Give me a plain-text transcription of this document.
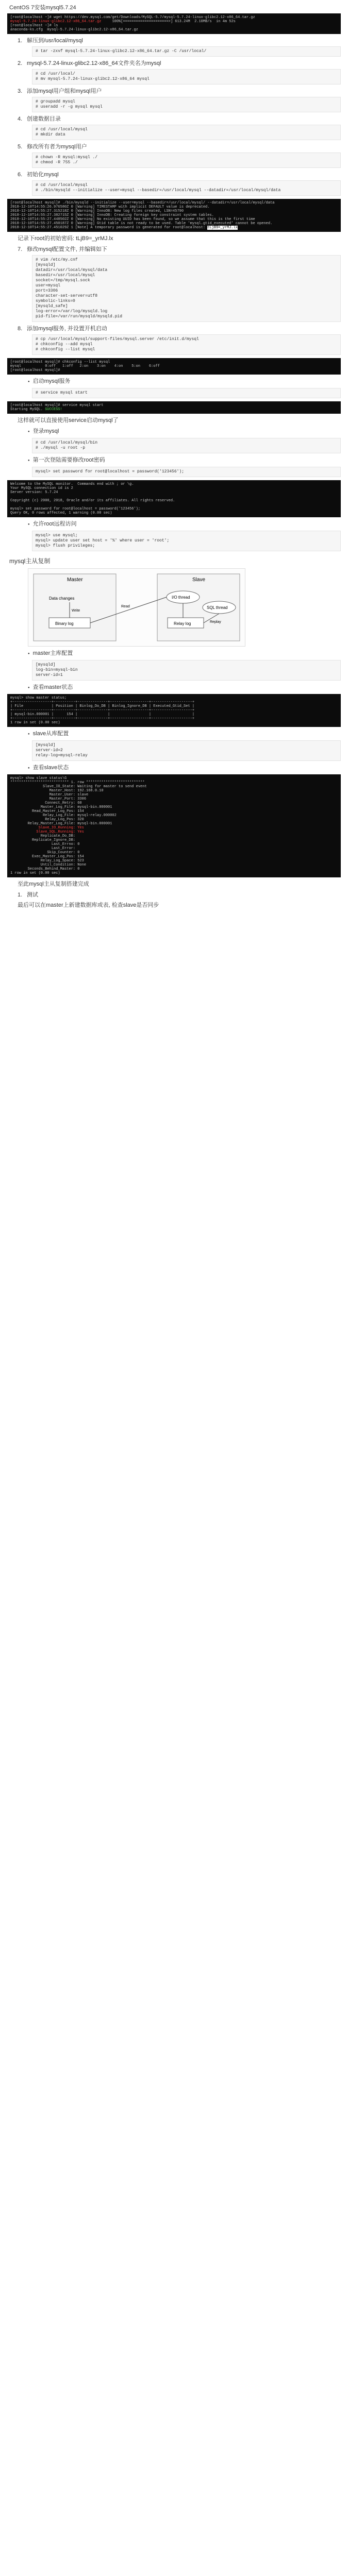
CentOS 7安装mysql5.7.24
[root@localhost ~]# wget https://dev.mysql.com/get/Downloads/MySQL-5.7/mysql-5.7.24-linux-glibc2.12-x86_64.tar.gz
mysql-5.7.24-linux-glibc2.12-x86_64.tar.gz	100%[=====================>] 613.24M  2.10MB/s  in 4m 52s
[root@localhost ~]# ls
anaconda-ks.cfg  mysql-5.7.24-linux-glibc2.12-x86_64.tar.gz
1. 解压到/usr/local/mysql
# tar -zxvf mysql-5.7.24-linux-glibc2.12-x86_64.tar.gz -C /usr/local/
2. mysql-5.7.24-linux-glibc2.12-x86_64文件夹名为mysql
# cd /usr/local/
# mv mysql-5.7.24-linux-glibc2.12-x86_64 mysql
3. 添加mysql用户组和mysql用户
# groupadd mysql
# useradd -r -g mysql mysql
4. 创建数据目录
# cd /usr/local/mysql
# mkdir data
5. 修改所有者为mysql用户
# chown -R mysql:mysql ./
# chmod -R 755 ./
6. 初始化mysql
# cd /usr/local/mysql
# ./bin/mysqld --initialize --user=mysql --basedir=/usr/local/mysql --datadir=/usr/local/mysql/data
[root@localhost mysql]# ./bin/mysqld --initialize --user=mysql --basedir=/usr/local/mysql/ --datadir=/usr/local/mysql/data
2018-12-10T14:55:26.976580Z 0 [Warning] TIMESTAMP with implicit DEFAULT value is deprecated.
2018-12-10T14:55:27.315218Z 0 [Warning] InnoDB: New log files created, LSN=45790
2018-12-10T14:55:27.382715Z 0 [Warning] InnoDB: Creating foreign key constraint system tables.
2018-12-10T14:55:27.448502Z 0 [Warning] No existing UUID has been found, so we assume that this is the first time
2018-12-10T14:55:27.450187Z 0 [Warning] Gtid table is not ready to be used. Table 'mysql.gtid_executed' cannot be opened.
2018-12-10T14:55:27.451029Z 1 [Note] A temporary password is generated for root@localhost: tLjB9=_yrMJ.lx
记录下root的初始密码: tLjB9=_yrMJ.lx
7. 修改mysql配置文件, 并编辑如下
# vim /etc/my.cnf
[mysqld]
datadir=/usr/local/mysql/data
basedir=/usr/local/mysql
socket=/tmp/mysql.sock
user=mysql
port=3306
character-set-server=utf8
symbolic-links=0
[mysqld_safe]
log-error=/var/log/mysqld.log
pid-file=/var/run/mysqld/mysqld.pid
8. 添加mysql服务, 并设置开机启动
# cp /usr/local/mysql/support-files/mysql.server /etc/init.d/mysql
# chkconfig --add mysql
# chkconfig --list mysql
[root@localhost mysql]# chkconfig --list mysql
mysql           0:off   1:off   2:on    3:on    4:on    5:on    6:off
[root@localhost mysql]#
● 启动mysql服务
# service mysql start
[root@localhost mysql]# service mysql start
Starting MySQL. SUCCESS!
这样就可以直接使用service启动mysql了
● 登录mysql
# cd /usr/local/mysql/bin
# ./mysql -u root -p
● 第一次登陆需要修改root密码
mysql> set password for root@localhost = password('123456');
Welcome to the MySQL monitor.  Commands end with ; or \g.
Your MySQL connection id is 2
Server version: 5.7.24

Copyright (c) 2000, 2018, Oracle and/or its affiliates. All rights reserved.

mysql> set password for root@localhost = password('123456');
Query OK, 0 rows affected, 1 warning (0.00 sec)
● 允许root远程访问
mysql> use mysql;
mysql> update user set host = '%' where user = 'root';
mysql> flush privileges;
mysql主从复制
Master	Slave
Binary log	Relay log
I/O thread
SQL thread
Data changes
Write
Read
Replay
● master主库配置
[mysqld]
log-bin=mysql-bin
server-id=1
● 查看master状态
mysql> show master status;
+------------------+----------+--------------+------------------+-------------------+
| File             | Position | Binlog_Do_DB | Binlog_Ignore_DB | Executed_Gtid_Set |
+------------------+----------+--------------+------------------+-------------------+
| mysql-bin.000001 |      154 |              |                  |                   |
+------------------+----------+--------------+------------------+-------------------+
1 row in set (0.00 sec)
● slave从库配置
[mysqld]
server-id=2
relay-log=mysql-relay
● 查看slave状态
mysql> show slave status\G
*************************** 1. row ***************************
Slave_IO_State: Waiting for master to send event
Master_Host: 192.168.0.10
Master_User: slave
Master_Port: 3306
Connect_Retry: 60
Master_Log_File: mysql-bin.000001
Read_Master_Log_Pos: 154
Relay_Log_File: mysql-relay.000002
Relay_Log_Pos: 320
Relay_Master_Log_File: mysql-bin.000001
Slave_IO_Running: Yes
Slave_SQL_Running: Yes
Replicate_Do_DB:
Replicate_Ignore_DB:
Last_Errno: 0
Last_Error:
Skip_Counter: 0
Exec_Master_Log_Pos: 154
Relay_Log_Space: 523
Until_Condition: None
Seconds_Behind_Master: 0
1 row in set (0.00 sec)
至此mysql主从复制搭建完成
1. 测试
最后可以在master上新建数据库或表, 检查slave是否同步
